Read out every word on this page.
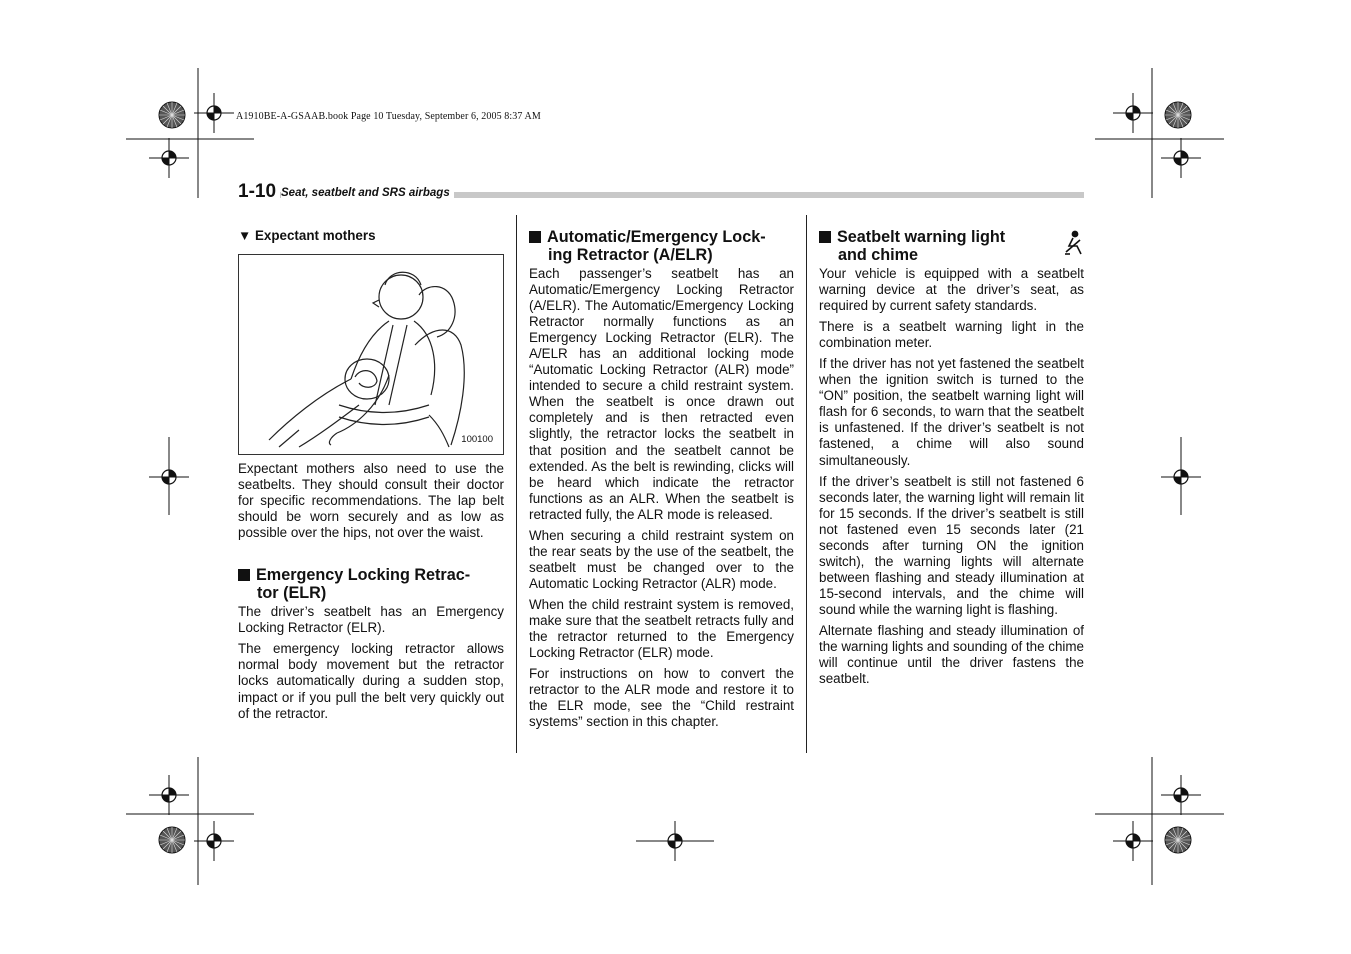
A1910BE-A-GSAAB.book Page 10 Tuesday, September 6, 2005 8:37 AM
1-10 Seat, seatbelt and SRS airbags
▼ Expectant mothers
100100

Expectant mothers also need to use the seatbelts. They should consult their doctor for specific recommendations. The lap belt should be worn securely and as low as possible over the hips, not over the waist.

Emergency Locking Retrac-
tor (ELR)

The driver’s seatbelt has an Emergency Locking Retractor (ELR).

The emergency locking retractor allows normal body movement but the retractor locks automatically during a sudden stop, impact or if you pull the belt very quickly out of the retractor.

Automatic/Emergency Lock-
ing Retractor (A/ELR)

Each passenger’s seatbelt has an Automatic/Emergency Locking Retractor (A/ELR). The Automatic/Emergency Locking Retractor normally functions as an Emergency Locking Retractor (ELR). The A/ELR has an additional locking mode “Automatic Locking Retractor (ALR) mode” intended to secure a child restraint system. When the seatbelt is once drawn out completely and is then retracted even slightly, the retractor locks the seatbelt in that position and the seatbelt cannot be extended. As the belt is rewinding, clicks will be heard which indicate the retractor functions as an ALR. When the seatbelt is retracted fully, the ALR mode is released.

When securing a child restraint system on the rear seats by the use of the seatbelt, the seatbelt must be changed over to the Automatic Locking Retractor (ALR) mode.

When the child restraint system is removed, make sure that the seatbelt retracts fully and the retractor returned to the Emergency Locking Retractor (ELR) mode.

For instructions on how to convert the retractor to the ALR mode and restore it to the ELR mode, see the “Child restraint systems” section in this chapter.

Seatbelt warning light
and chime

Your vehicle is equipped with a seatbelt warning device at the driver’s seat, as required by current safety standards.

There is a seatbelt warning light in the combination meter.

If the driver has not yet fastened the seatbelt when the ignition switch is turned to the “ON” position, the seatbelt warning light will flash for 6 seconds, to warn that the seatbelt is unfastened. If the driver’s seatbelt is not fastened, a chime will also sound simultaneously.

If the driver’s seatbelt is still not fastened 6 seconds later, the warning light will remain lit for 15 seconds. If the driver’s seatbelt is still not fastened even 15 seconds later (21 seconds after turning ON the ignition switch), the warning lights will alternate between flashing and steady illumination at 15-second intervals, and the chime will sound while the warning light is flashing.

Alternate flashing and steady illumination of the warning lights and sounding of the chime will continue until the driver fastens the seatbelt.
